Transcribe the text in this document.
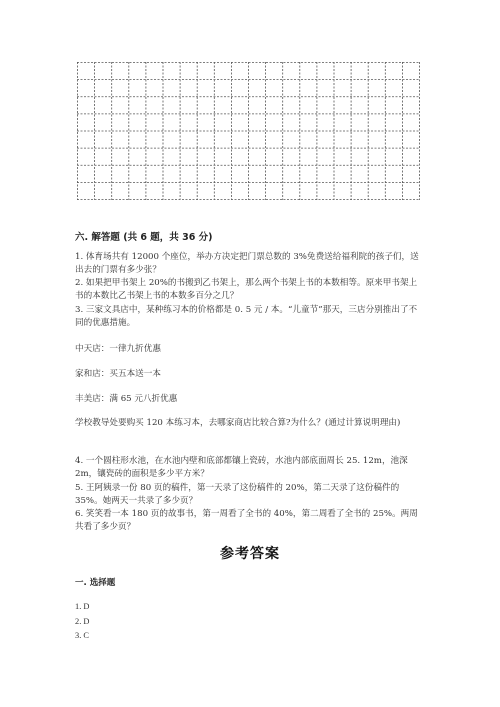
六. 解答题 (共 6 题，共 36 分)
1. 体育场共有 12000 个座位，举办方决定把门票总数的 3%免费送给福利院的孩子们，送出去的门票有多少张？
2. 如果把甲书架上 20%的书搬到乙书架上，那么两个书架上书的本数相等。原来甲书架上书的本数比乙书架上书的本数多百分之几？
3. 三家文具店中，某种练习本的价格都是 0. 5 元 / 本。“儿童节”那天，三店分别推出了不同的优惠措施。
中天店：一律九折优惠
家和店：买五本送一本
丰美店：满 65 元八折优惠
学校教导处要购买 120 本练习本，去哪家商店比较合算?为什么？(通过计算说明理由)
4. 一个圆柱形水池，在水池内壁和底部都镶上瓷砖，水池内部底面周长 25. 12m，池深 2m，镶瓷砖的面积是多少平方米？
5. 王阿姨录一份 80 页的稿件，第一天录了这份稿件的 20%，第二天录了这份稿件的 35%。她两天一共录了多少页？
6. 笑笑看一本 180 页的故事书，第一周看了全书的 40%，第二周看了全书的 25%。两周共看了多少页？
参考答案
一. 选择题
1. D
2. D
3. C
